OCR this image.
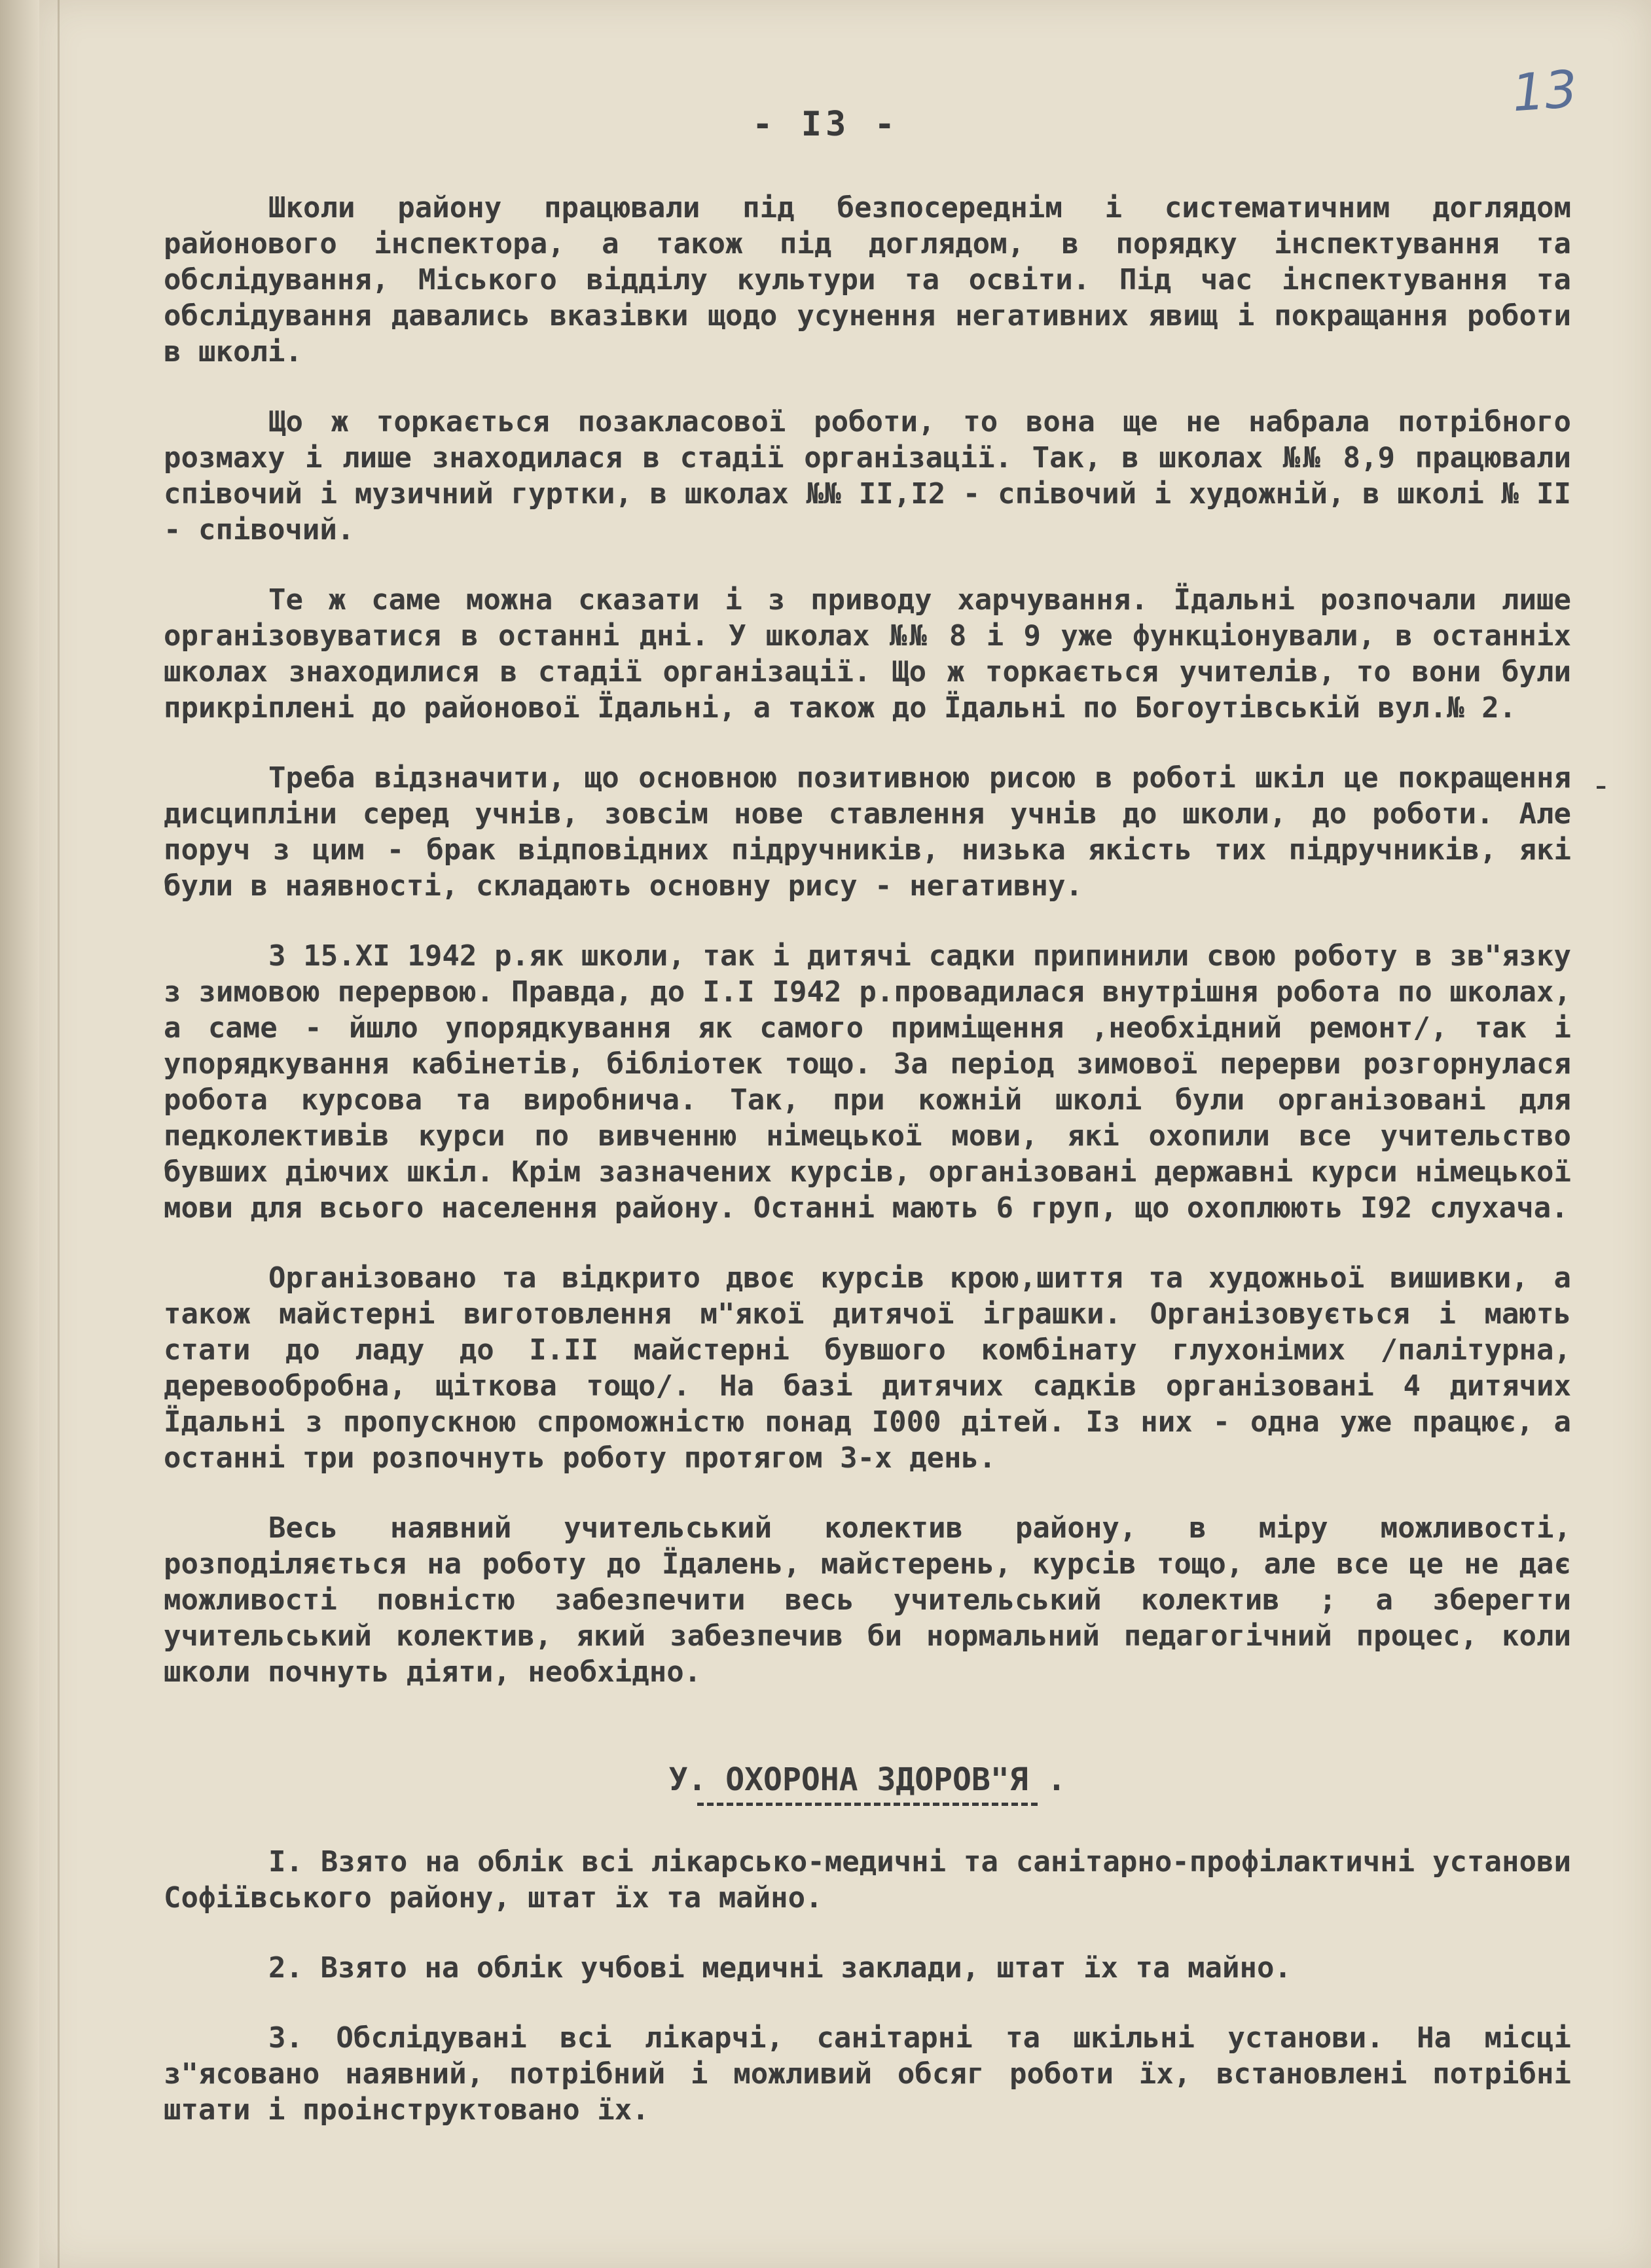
13
- I3 -
-

Школи району працювали під безпосереднім і систематичним доглядом районового інспектора, а також під доглядом, в порядку інспектування та обслідування, Міського відділу культури та освіти. Під час інспектування та обслідування давались вказівки щодо усунення негативних явищ і покращання роботи в школі.

Що ж торкається позакласової роботи, то вона ще не набрала потрібного розмаху і лише знаходилася в стадії організації. Так, в школах №№ 8,9 працювали співочий і музичний гуртки, в школах №№ II,I2 - співочий і художній, в школі № II - співочий.

Те ж саме можна сказати і з приводу харчування. Їдальні розпочали лише організовуватися в останні дні. У школах №№ 8 і 9 уже функціонували, в останніх школах знаходилися в стадії організації. Що ж торкається учителів, то вони були прикріплені до районової Їдальні, а також до Їдальні по Богоутівській вул.№ 2.

Треба відзначити, що основною позитивною рисою в роботі шкіл це покращення дисципліни серед учнів, зовсім нове ставлення учнів до школи, до роботи. Але поруч з цим - брак відповідних підручників, низька якість тих підручників, які були в наявності, складають основну рису - негативну.

З 15.XI 1942 р.як школи, так і дитячі садки припинили свою роботу в зв"язку з зимовою перервою. Правда, до I.I I942 р.провадилася внутрішня робота по школах, а саме - йшло упорядкування як самого приміщення ,необхідний ремонт/, так і упорядкування кабінетів, бібліотек тощо. За період зимової перерви розгорнулася робота курсова та виробнича. Так, при кожній школі були організовані для педколективів курси по вивченню німецької мови, які охопили все учительство бувших діючих шкіл. Крім зазначених курсів, організовані державні курси німецької мови для всього населення району. Останні мають 6 груп, що охоплюють I92 слухача.

Організовано та відкрито двоє курсів крою,шиття та художньої вишивки, а також майстерні виготовлення м"якої дитячої іграшки. Організовується і мають стати до ладу до I.II майстерні бувшого комбінату глухонімих /палітурна, деревообробна, щіткова тощо/. На базі дитячих садків організовані 4 дитячих Їдальні з пропускною спроможністю понад I000 дітей. Із них - одна уже працює, а останні три розпочнуть роботу протягом 3-х день.

Весь наявний учительський колектив району, в міру можливості, розподіляється на роботу до Їдалень, майстерень, курсів тощо, але все це не дає можливості повністю забезпечити весь учительський колектив ; а зберегти учительський колектив, який забезпечив би нормальний педагогічний процес, коли школи почнуть діяти, необхідно.

У. ОХОРОНА ЗДОРОВ"Я .

I. Взято на облік всі лікарсько-медичні та санітарно-профілактичні установи Софіївського району, штат їх та майно.

2. Взято на облік учбові медичні заклади, штат їх та майно.

3. Обслідувані всі лікарчі, санітарні та шкільні установи. На місці з"ясовано наявний, потрібний і можливий обсяг роботи їх, встановлені потрібні штати і проінструктовано їх.
